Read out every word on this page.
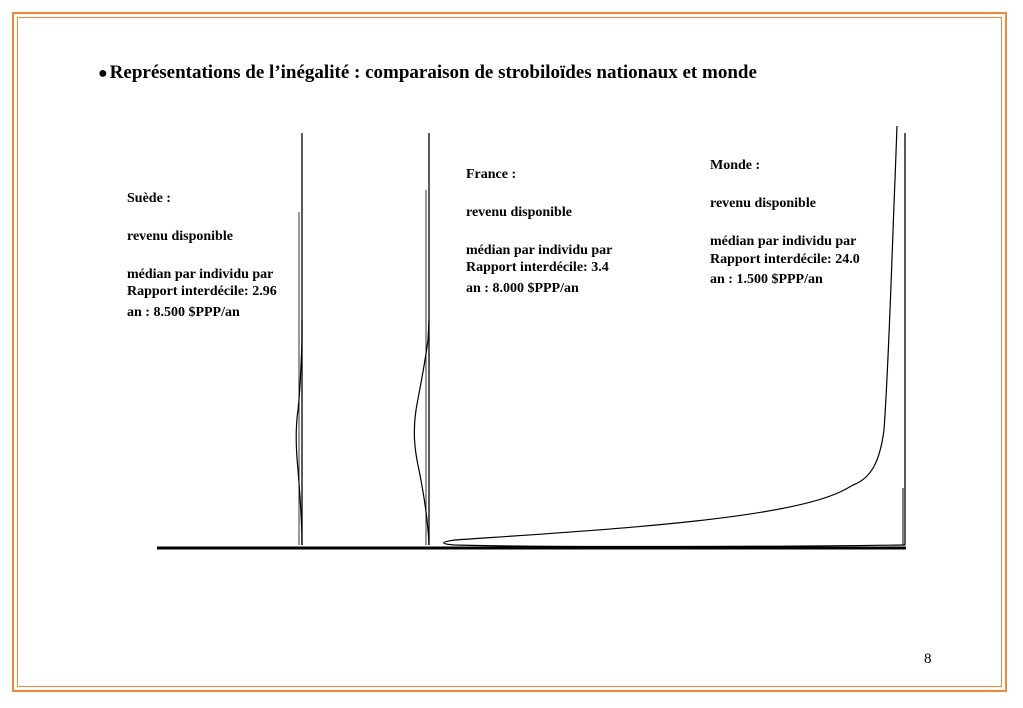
● Représentations de l’inégalité : comparaison de strobiloïdes nationaux et monde

Suède :

revenu disponible

médian par individu par

an : 8.500 $PPP/an

Rapport interdécile: 2.96

France :

revenu disponible

médian par individu par

an : 8.000 $PPP/an

Rapport interdécile: 3.4

Monde :

revenu disponible

médian par individu par

an : 1.500 $PPP/an

Rapport interdécile: 24.0
8
